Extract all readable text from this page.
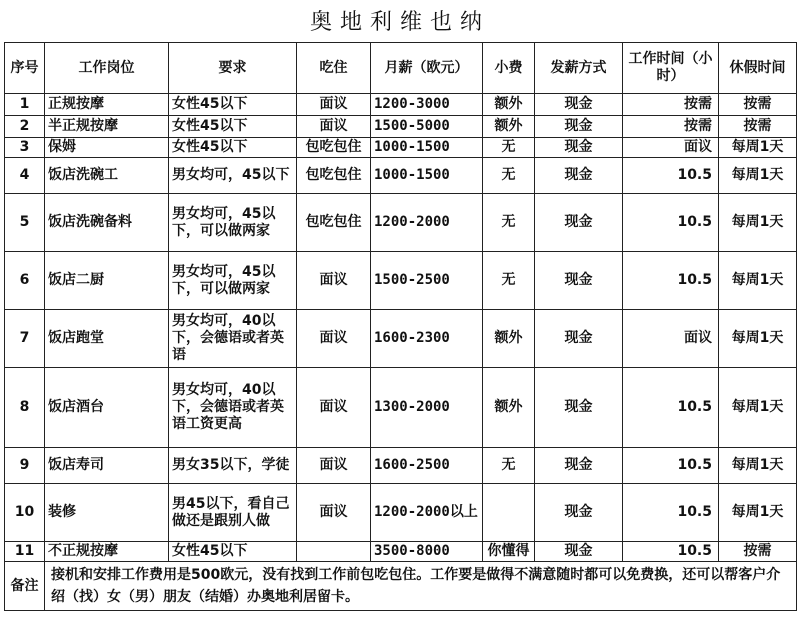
奥地利维也纳
序号	工作岗位	要求	吃住	月薪（欧元）	小费	发薪方式	工作时间（小时）	休假时间
1	正规按摩	女性45以下	面议	1200-3000	额外	现金	按需	按需
2	半正规按摩	女性45以下	面议	1500-5000	额外	现金	按需	按需
3	保姆	女性45以下	包吃包住	1000-1500	无	现金	面议	每周1天
4	饭店洗碗工	男女均可，45以下	包吃包住	1000-1500	无	现金	10.5	每周1天
5	饭店洗碗备料	男女均可，45以下，可以做两家	包吃包住	1200-2000	无	现金	10.5	每周1天
6	饭店二厨	男女均可，45以下，可以做两家	面议	1500-2500	无	现金	10.5	每周1天
7	饭店跑堂	男女均可，40以下，会德语或者英语	面议	1600-2300	额外	现金	面议	每周1天
8	饭店酒台	男女均可，40以下，会德语或者英语工资更高	面议	1300-2000	额外	现金	10.5	每周1天
9	饭店寿司	男女35以下，学徒	面议	1600-2500	无	现金	10.5	每周1天
10	装修	男45以下，看自己做还是跟别人做	面议	1200-2000以上		现金	10.5	每周1天
11	不正规按摩	女性45以下		3500-8000	你懂得	现金	10.5	按需
备注	接机和安排工作费用是500欧元，没有找到工作前包吃包住。工作要是做得不满意随时都可以免费换，还可以帮客户介绍（找）女（男）朋友（结婚）办奥地利居留卡。							
